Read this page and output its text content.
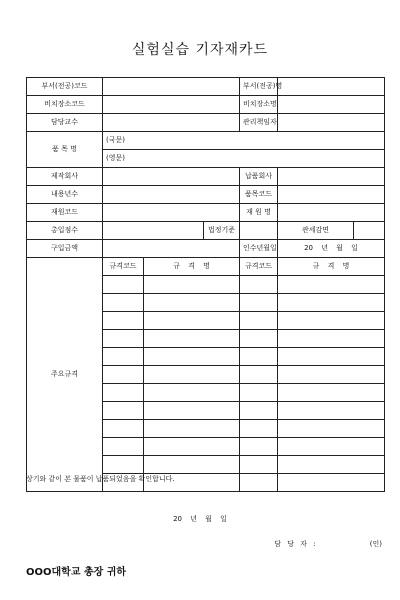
실험실습 기자재카드
부서(전공)코드				부서(전공)명		
비치장소코드				비치장소명		
담당교수				관리책임자		
품 목 명	(국문)					
	(영문)					
제작회사				납품회사		
내용년수				품목코드		
재원코드				재 원 명		
총입점수			법정기준		관세감면	
구입금액				인수년월일	20 년 월 일	
주요규격	규격코드	규 격 명		규격코드	규 격 명	

상기와 같이 본 물품이 납품되었음을 확인합니다.
20 년 월 일
담 당 자 :	(인)
OOO대학교 총장 귀하
